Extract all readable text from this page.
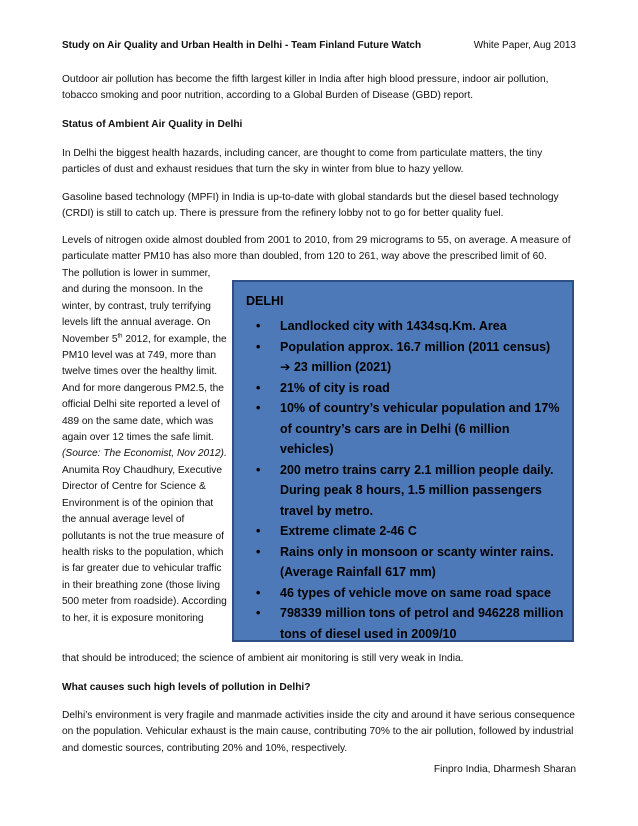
Study on Air Quality and Urban Health in Delhi - Team Finland Future Watch	White Paper, Aug 2013
Outdoor air pollution has become the fifth largest killer in India after high blood pressure, indoor air pollution, tobacco smoking and poor nutrition, according to a Global Burden of Disease (GBD) report.
Status of Ambient Air Quality in Delhi
In Delhi the biggest health hazards, including cancer, are thought to come from particulate matters, the tiny particles of dust and exhaust residues that turn the sky in winter from blue to hazy yellow.
Gasoline based technology (MPFI) in India is up-to-date with global standards but the diesel based technology (CRDI) is still to catch up. There is pressure from the refinery lobby not to go for better quality fuel.
Levels of nitrogen oxide almost doubled from 2001 to 2010, from 29 micrograms to 55, on average. A measure of particulate matter PM10 has also more than doubled, from 120 to 261, way above the prescribed limit of 60.
The pollution is lower in summer, and during the monsoon. In the winter, by contrast, truly terrifying levels lift the annual average. On November 5th 2012, for example, the PM10 level was at 749, more than twelve times over the healthy limit. And for more dangerous PM2.5, the official Delhi site reported a level of 489 on the same date, which was again over 12 times the safe limit. (Source: The Economist, Nov 2012).
Anumita Roy Chaudhury, Executive Director of Centre for Science & Environment is of the opinion that the annual average level of pollutants is not the true measure of health risks to the population, which is far greater due to vehicular traffic in their breathing zone (those living 500 meter from roadside). According to her, it is exposure monitoring
that should be introduced; the science of ambient air monitoring is still very weak in India.
DELHI
• Landlocked city with 1434sq.Km. Area
• Population approx. 16.7 million (2011 census)
➔ 23 million (2021)
• 21% of city is road
• 10% of country’s vehicular population and 17% of country’s cars are in Delhi (6 million vehicles)
• 200 metro trains carry 2.1 million people daily. During peak 8 hours, 1.5 million passengers travel by metro.
• Extreme climate 2-46 C
• Rains only in monsoon or scanty winter rains. (Average Rainfall 617 mm)
• 46 types of vehicle move on same road space
• 798339 million tons of petrol and 946228 million tons of diesel used in 2009/10
What causes such high levels of pollution in Delhi?
Delhi’s environment is very fragile and manmade activities inside the city and around it have serious consequence on the population. Vehicular exhaust is the main cause, contributing 70% to the air pollution, followed by industrial and domestic sources, contributing 20% and 10%, respectively.
Finpro India, Dharmesh Sharan
